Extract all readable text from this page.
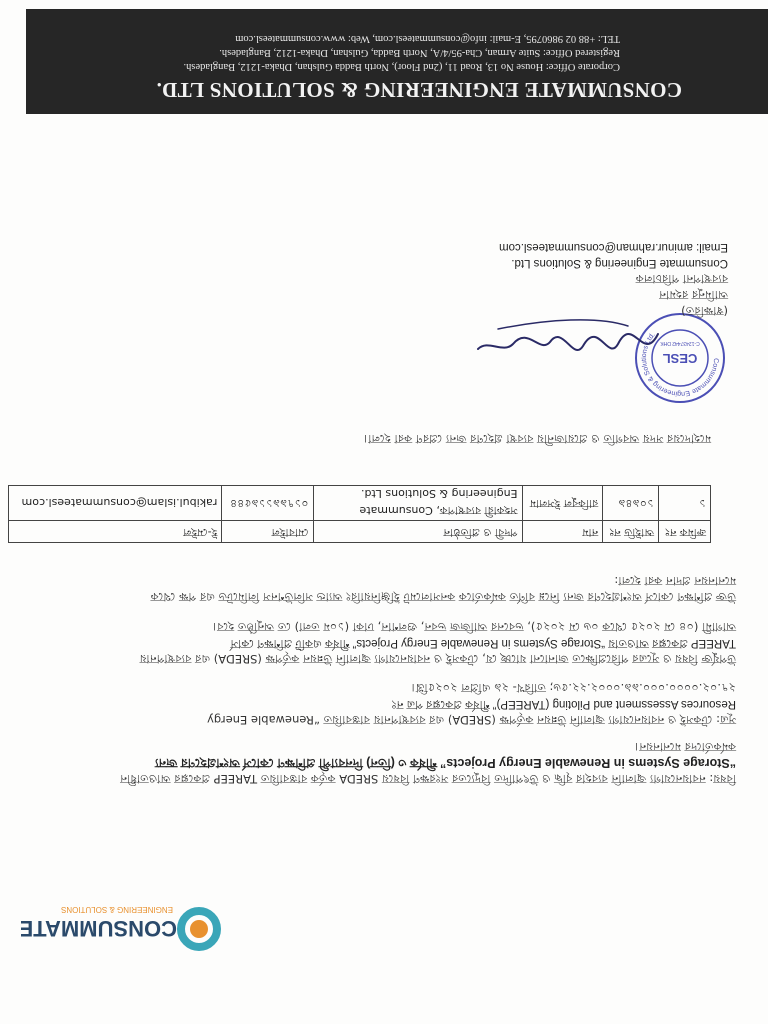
CONSUMMATE
ENGINEERING & SOLUTIONS
বিষয়: নবায়নযোগ্য জ্বালানি ব্যবহার বৃদ্ধি ও উৎপাদিত বিদ্যুতের সংরক্ষণ বিষয়ে SREDA কর্তৃক বাস্তবায়িত TAREEP প্রকল্পের আওতাধীন
“Storage Systems in Renewable Energy Projects” শীর্ষক ৩ (তিন) দিনব্যাপী প্রশিক্ষণ কোর্সে অংশগ্রহণের জন্য
কর্মকর্তাদের মনোনয়ন।
সূত্র: টেকসই ও নবায়নযোগ্য জ্বালানি উন্নয়ন কর্তৃপক্ষ (SREDA) এর ব্যবস্থাপনায় বাস্তবায়িত “Renewable Energy
Resources Assessment and Piloting (TAREEP)” শীর্ষক প্রকল্পের পত্র নং
২৭.০২.০০০০.০০০.৯৯.০০০২.২২.৫৬; তারিখ- ২৯ এপ্রিল ২০২৫খ্রি।
উপর্যুক্ত বিষয় ও সূত্রের পরিপ্রেক্ষিতে জানানো যাচ্ছে যে, টেকসই ও নবায়নযোগ্য জ্বালানি উন্নয়ন কর্তৃপক্ষ (SREDA) এর ব্যবস্থাপনায়
TAREEP প্রকল্পের আওতায় “Storage Systems in Renewable Energy Projects” শীর্ষক একটি প্রশিক্ষণ কোর্স
আগামী (০৪ মে ২০২৫ থেকে ০৬ মে ২০২৫), ভবনের আজিজ ভবন, গুলশান, ঢাকা (১০ম তলা) তে অনুষ্ঠিত হবে।
উক্ত প্রশিক্ষণ কোর্সে অংশগ্রহণের জন্য নিম্নে বর্ণিত কর্মকর্তাকে কনসালমেট ইঞ্জিনিয়ারিং অ্যান্ড সলিউশনস লিমিটেড এর পক্ষ থেকে
মনোনয়ন প্রদান করা হলো:
ক্রমিক নং	আইডি নং	নাম	পদবী ও প্রতিষ্ঠান	মোবাইল	ই-মেইল
১	১০৯৪৯	রাকিবুল ইসলাম	সহকারী ব্যবস্থাপক, Consummate Engineering & Solutions Ltd.	০১৭৯৯১১৯৫৪৪	rakibul.islam@consummateesl.com
মহোদয়ের সদয় অবগতি ও প্রয়োজনীয় ব্যবস্থা গ্রহণের জন্য প্রেরণ করা হলো।
Consummate Engineering & Solutions Ltd.
CESL
C-12437442 DHK
(স্বাক্ষরিত)
আমিনুর রহমান
ব্যবস্থাপনা পরিচালক
Consummate Engineering & Solutions Ltd.
Email: aminur.rahman@consummateesl.com
CONSUMMATE ENGINEERING & SOLUTIONS LTD.
Corporate Office: House No 13, Road 11, (2nd Floor), North Badda Gulshan, Dhaka-1212, Bangladesh.
Registered Office: Suite Arman, Cha-95/4/A, North Badda, Gulshan, Dhaka-1212, Bangladesh.
TEL: +88 02 9860795, E-mail: info@consummateesl.com, Web: www.consummateesl.com
